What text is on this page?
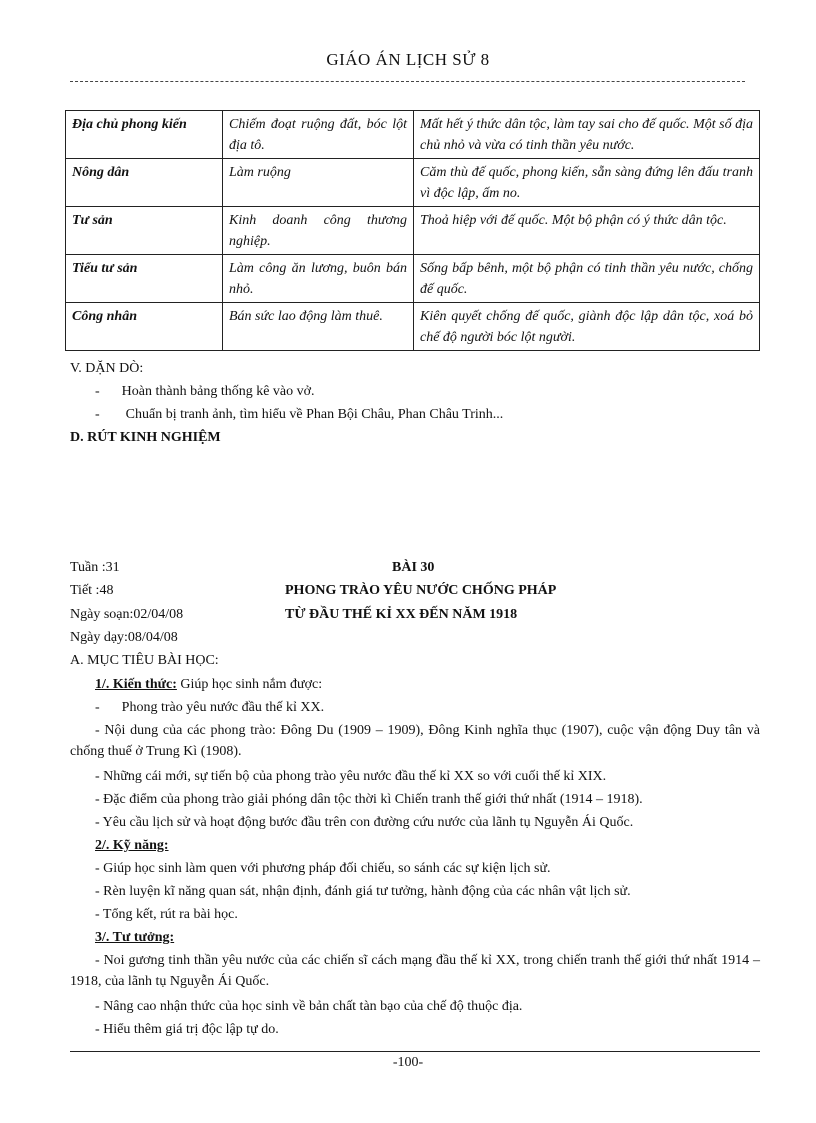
GIÁO ÁN LỊCH SỬ 8
Địa chủ phong kiến	Chiếm đoạt ruộng đất, bóc lột địa tô.	Mất hết ý thức dân tộc, làm tay sai cho đế quốc. Một số địa chủ nhỏ và vừa có tinh thần yêu nước.
Nông dân	Làm ruộng	Căm thù đế quốc, phong kiến, sẵn sàng đứng lên đấu tranh vì độc lập, ấm no.
Tư sản	Kinh doanh công thương nghiệp.	Thoả hiệp với đế quốc. Một bộ phận có ý thức dân tộc.
Tiểu tư sản	Làm công ăn lương, buôn bán nhỏ.	Sống bấp bênh, một bộ phận có tinh thần yêu nước, chống đế quốc.
Công nhân	Bán sức lao động làm thuê.	Kiên quyết chống đế quốc, giành độc lập dân tộc, xoá bỏ chế độ người bóc lột người.
V. DẶN DÒ:
- Hoàn thành bảng thống kê vào vở.
- Chuẩn bị tranh ảnh, tìm hiểu về Phan Bội Châu, Phan Châu Trinh...
D. RÚT KINH NGHIỆM
Tuần :31
Tiết :48
Ngày soạn:02/04/08
Ngày dạy:08/04/08
BÀI 30
PHONG TRÀO YÊU NƯỚC CHỐNG PHÁP
TỪ ĐẦU THẾ KỈ XX ĐẾN NĂM 1918
A. MỤC TIÊU BÀI HỌC:
1/. Kiến thức: Giúp học sinh nắm được:
- Phong trào yêu nước đầu thế kỉ XX.
- Nội dung của các phong trào: Đông Du (1909 – 1909), Đông Kinh nghĩa thục (1907), cuộc vận động Duy tân và chống thuế ở Trung Kì (1908).
- Những cái mới, sự tiến bộ của phong trào yêu nước đầu thế kỉ XX so với cuối thế kỉ XIX.
- Đặc điểm của phong trào giải phóng dân tộc thời kì Chiến tranh thế giới thứ nhất (1914 – 1918).
- Yêu cầu lịch sử và hoạt động bước đầu trên con đường cứu nước của lãnh tụ Nguyễn Ái Quốc.
2/. Kỹ năng:
- Giúp học sinh làm quen với phương pháp đối chiếu, so sánh các sự kiện lịch sử.
- Rèn luyện kĩ năng quan sát, nhận định, đánh giá tư tưởng, hành động của các nhân vật lịch sử.
- Tổng kết, rút ra bài học.
3/. Tư tưởng:
- Noi gương tinh thần yêu nước của các chiến sĩ cách mạng đầu thế kỉ XX, trong chiến tranh thế giới thứ nhất 1914 – 1918, của lãnh tụ Nguyễn Ái Quốc.
- Nâng cao nhận thức của học sinh về bản chất tàn bạo của chế độ thuộc địa.
- Hiểu thêm giá trị độc lập tự do.
-100-
